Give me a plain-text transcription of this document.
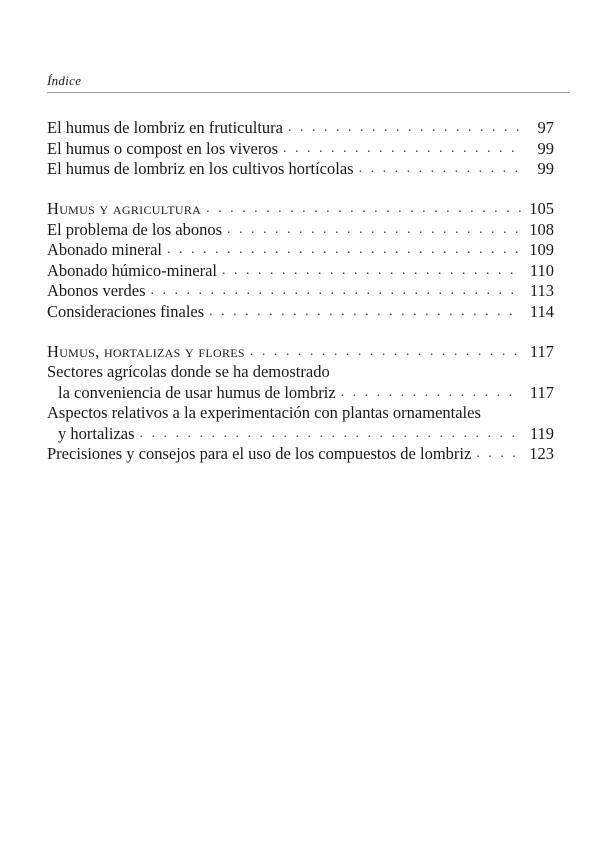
Índice
El humus de lombriz en fruticultura . . .	97
El humus o compost en los viveros . . .	99
El humus de lombriz en los cultivos hortícolas . . .	99
Humus y agricultura . . .	105
El problema de los abonos . . .	108
Abonado mineral . . .	109
Abonado húmico-mineral . . .	110
Abonos verdes . . .	113
Consideraciones finales . . .	114
Humus, hortalizas y flores . . .	117
Sectores agrícolas donde se ha demostrado
la conveniencia de usar humus de lombriz . . .	117
Aspectos relativos a la experimentación con plantas ornamentales
y hortalizas . . .	119
Precisiones y consejos para el uso de los compuestos de lombriz . . .	123
